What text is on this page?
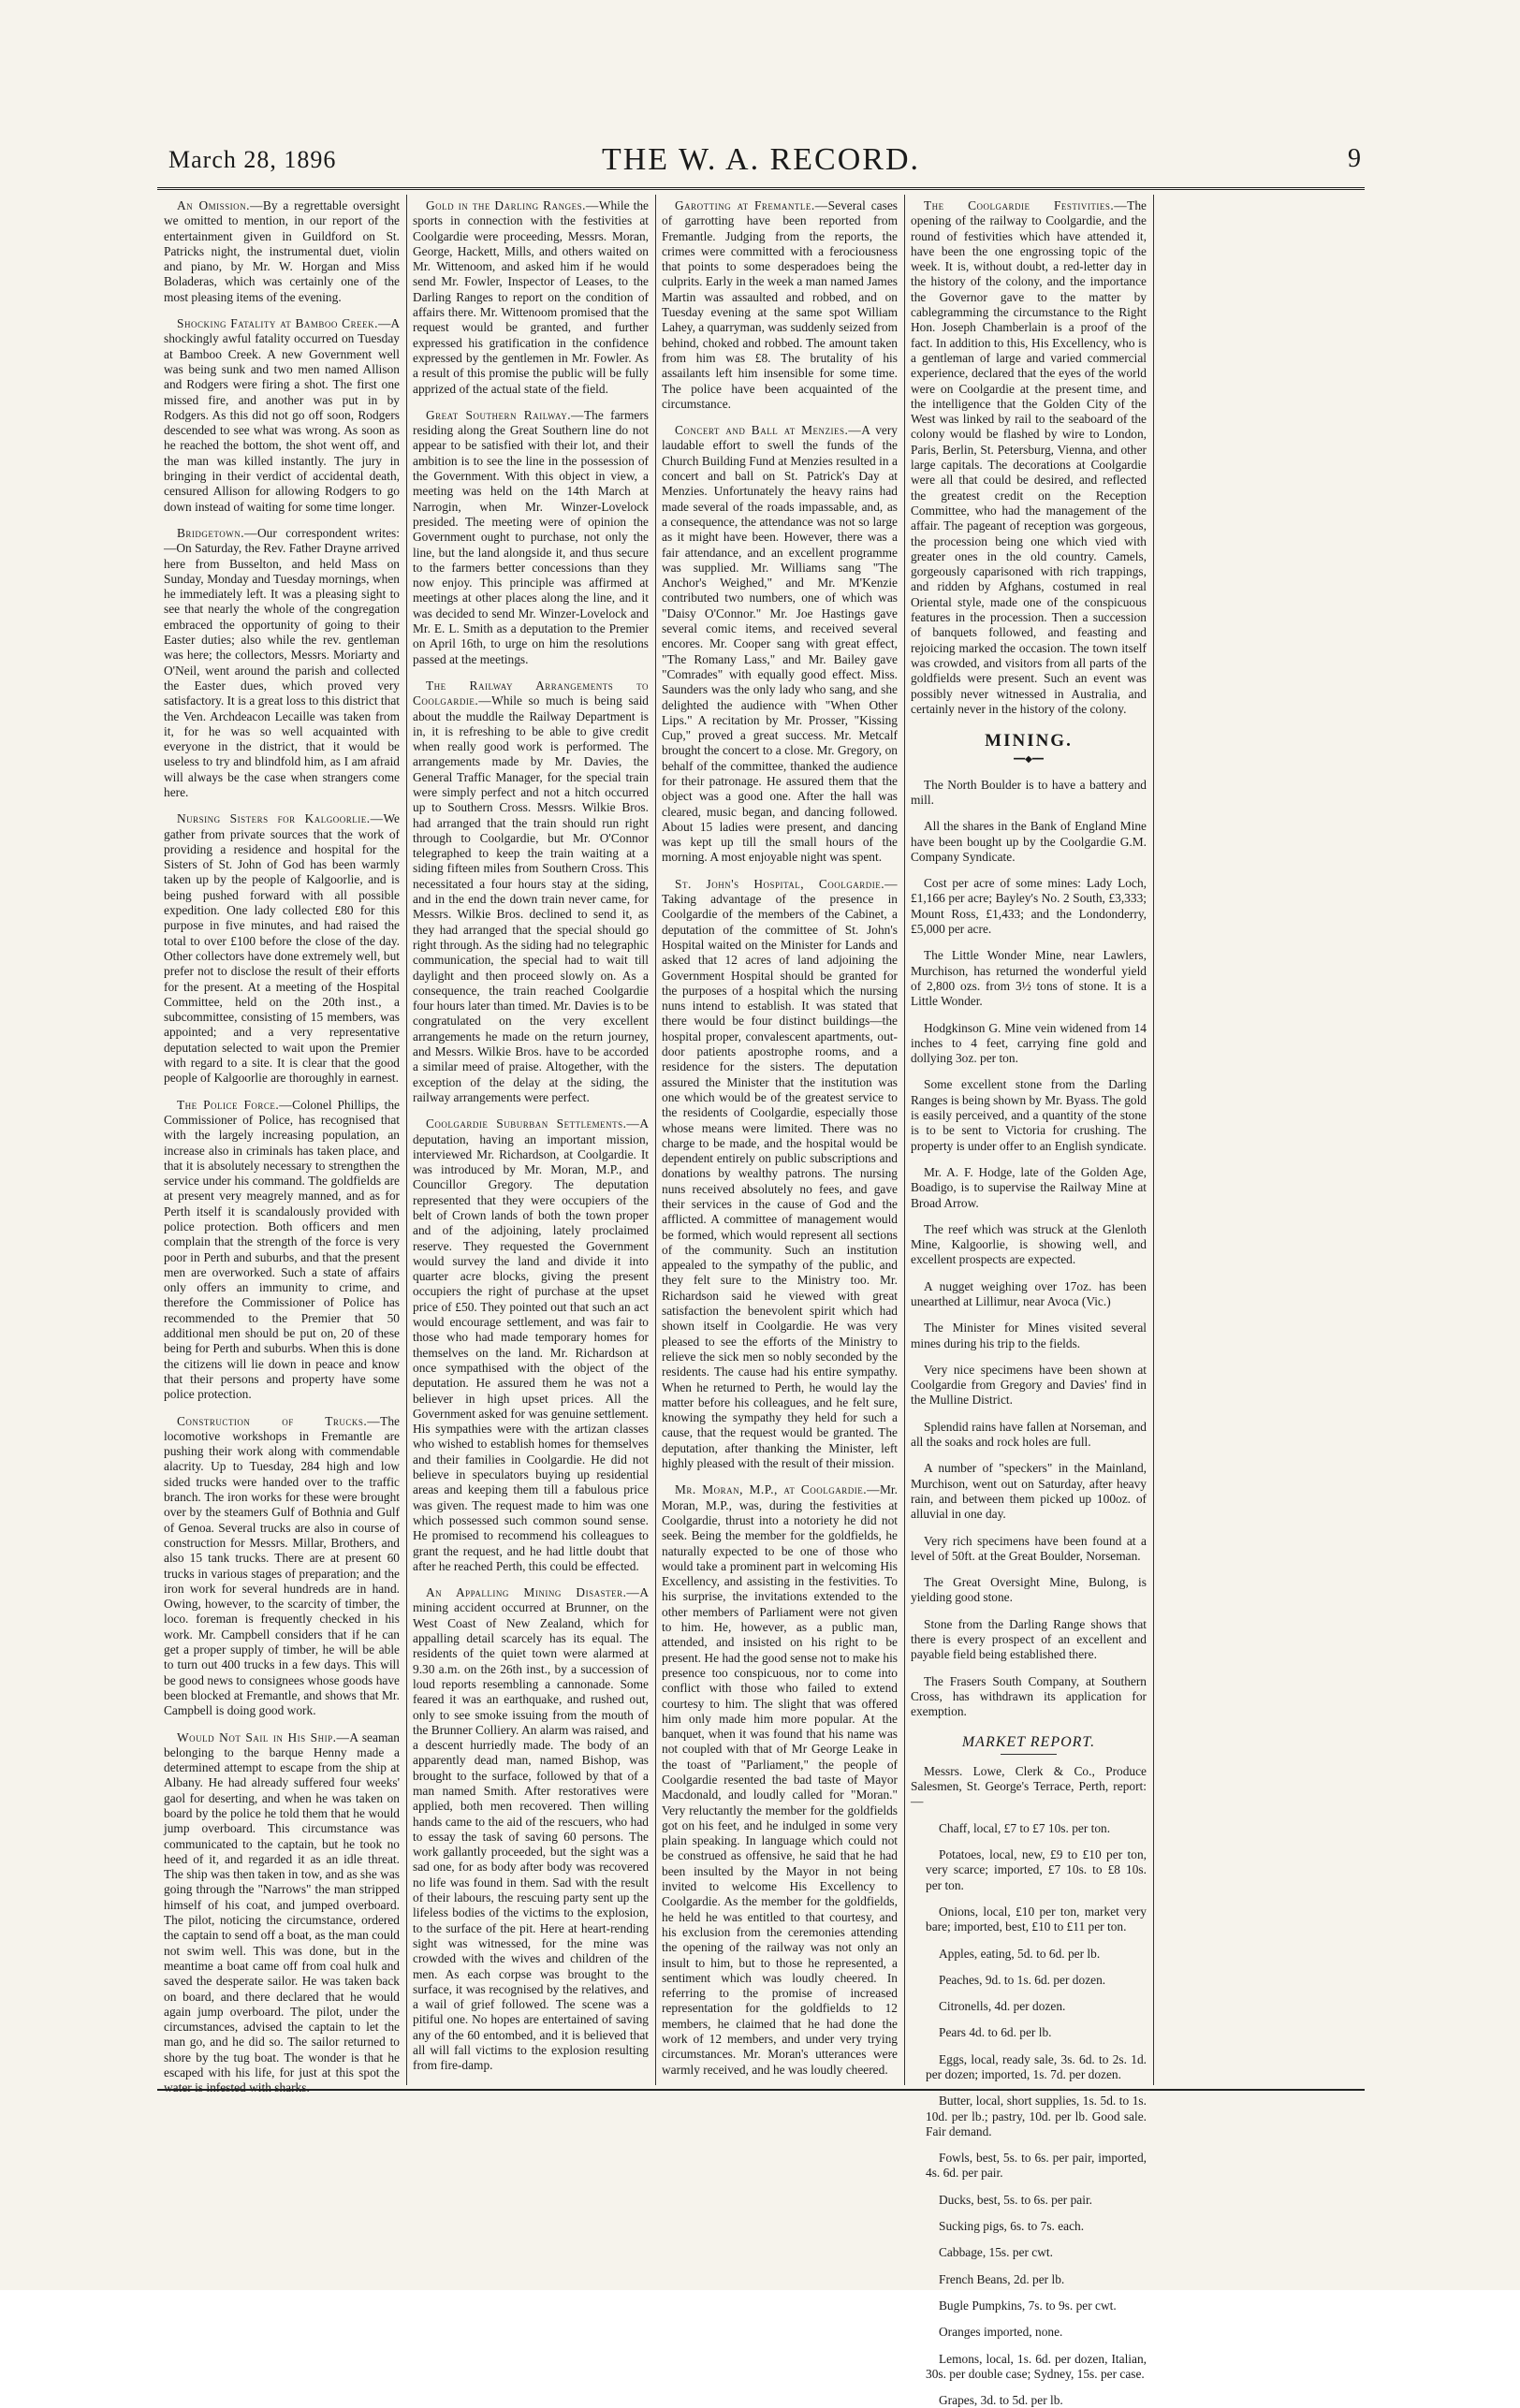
March 28, 1896	THE W. A. RECORD.	9

An Omission.—By a regrettable oversight we omitted to mention, in our report of the entertainment given in Guildford on St. Patricks night, the instrumental duet, violin and piano, by Mr. W. Horgan and Miss Boladeras, which was certainly one of the most pleasing items of the evening.

Shocking Fatality at Bamboo Creek.—A shockingly awful fatality occurred on Tuesday at Bamboo Creek. A new Government well was being sunk and two men named Allison and Rodgers were firing a shot. The first one missed fire, and another was put in by Rodgers. As this did not go off soon, Rodgers descended to see what was wrong. As soon as he reached the bottom, the shot went off, and the man was killed instantly. The jury in bringing in their verdict of accidental death, censured Allison for allowing Rodgers to go down instead of waiting for some time longer.

Bridgetown.—Our correspondent writes: —On Saturday, the Rev. Father Drayne arrived here from Busselton, and held Mass on Sunday, Monday and Tuesday mornings, when he immediately left. It was a pleasing sight to see that nearly the whole of the congregation embraced the opportunity of going to their Easter duties; also while the rev. gentleman was here; the collectors, Messrs. Moriarty and O'Neil, went around the parish and collected the Easter dues, which proved very satisfactory. It is a great loss to this district that the Ven. Archdeacon Lecaille was taken from it, for he was so well acquainted with everyone in the district, that it would be useless to try and blindfold him, as I am afraid will always be the case when strangers come here.

Nursing Sisters for Kalgoorlie.—We gather from private sources that the work of providing a residence and hospital for the Sisters of St. John of God has been warmly taken up by the people of Kalgoorlie, and is being pushed forward with all possible expedition. One lady collected £80 for this purpose in five minutes, and had raised the total to over £100 before the close of the day. Other collectors have done extremely well, but prefer not to disclose the result of their efforts for the present. At a meeting of the Hospital Committee, held on the 20th inst., a subcommittee, consisting of 15 members, was appointed; and a very representative deputation selected to wait upon the Premier with regard to a site. It is clear that the good people of Kalgoorlie are thoroughly in earnest.

The Police Force.—Colonel Phillips, the Commissioner of Police, has recognised that with the largely increasing population, an increase also in criminals has taken place, and that it is absolutely necessary to strengthen the service under his command. The goldfields are at present very meagrely manned, and as for Perth itself it is scandalously provided with police protection. Both officers and men complain that the strength of the force is very poor in Perth and suburbs, and that the present men are overworked. Such a state of affairs only offers an immunity to crime, and therefore the Commissioner of Police has recommended to the Premier that 50 additional men should be put on, 20 of these being for Perth and suburbs. When this is done the citizens will lie down in peace and know that their persons and property have some police protection.

Construction of Trucks.—The locomotive workshops in Fremantle are pushing their work along with commendable alacrity. Up to Tuesday, 284 high and low sided trucks were handed over to the traffic branch. The iron works for these were brought over by the steamers Gulf of Bothnia and Gulf of Genoa. Several trucks are also in course of construction for Messrs. Millar, Brothers, and also 15 tank trucks. There are at present 60 trucks in various stages of preparation; and the iron work for several hundreds are in hand. Owing, however, to the scarcity of timber, the loco. foreman is frequently checked in his work. Mr. Campbell considers that if he can get a proper supply of timber, he will be able to turn out 400 trucks in a few days. This will be good news to consignees whose goods have been blocked at Fremantle, and shows that Mr. Campbell is doing good work.

Would Not Sail in His Ship.—A seaman belonging to the barque Henny made a determined attempt to escape from the ship at Albany. He had already suffered four weeks' gaol for deserting, and when he was taken on board by the police he told them that he would jump overboard. This circumstance was communicated to the captain, but he took no heed of it, and regarded it as an idle threat. The ship was then taken in tow, and as she was going through the "Narrows" the man stripped himself of his coat, and jumped overboard. The pilot, noticing the circumstance, ordered the captain to send off a boat, as the man could not swim well. This was done, but in the meantime a boat came off from coal hulk and saved the desperate sailor. He was taken back on board, and there declared that he would again jump overboard. The pilot, under the circumstances, advised the captain to let the man go, and he did so. The sailor returned to shore by the tug boat. The wonder is that he escaped with his life, for just at this spot the water is infested with sharks.

Gold in the Darling Ranges.—While the sports in connection with the festivities at Coolgardie were proceeding, Messrs. Moran, George, Hackett, Mills, and others waited on Mr. Wittenoom, and asked him if he would send Mr. Fowler, Inspector of Leases, to the Darling Ranges to report on the condition of affairs there. Mr. Wittenoom promised that the request would be granted, and further expressed his gratification in the confidence expressed by the gentlemen in Mr. Fowler. As a result of this promise the public will be fully apprized of the actual state of the field.

Great Southern Railway.—The farmers residing along the Great Southern line do not appear to be satisfied with their lot, and their ambition is to see the line in the possession of the Government. With this object in view, a meeting was held on the 14th March at Narrogin, when Mr. Winzer-Lovelock presided. The meeting were of opinion the Government ought to purchase, not only the line, but the land alongside it, and thus secure to the farmers better concessions than they now enjoy. This principle was affirmed at meetings at other places along the line, and it was decided to send Mr. Winzer-Lovelock and Mr. E. L. Smith as a deputation to the Premier on April 16th, to urge on him the resolutions passed at the meetings.

The Railway Arrangements to Coolgardie.—While so much is being said about the muddle the Railway Department is in, it is refreshing to be able to give credit when really good work is performed. The arrangements made by Mr. Davies, the General Traffic Manager, for the special train were simply perfect and not a hitch occurred up to Southern Cross. Messrs. Wilkie Bros. had arranged that the train should run right through to Coolgardie, but Mr. O'Connor telegraphed to keep the train waiting at a siding fifteen miles from Southern Cross. This necessitated a four hours stay at the siding, and in the end the down train never came, for Messrs. Wilkie Bros. declined to send it, as they had arranged that the special should go right through. As the siding had no telegraphic communication, the special had to wait till daylight and then proceed slowly on. As a consequence, the train reached Coolgardie four hours later than timed. Mr. Davies is to be congratulated on the very excellent arrangements he made on the return journey, and Messrs. Wilkie Bros. have to be accorded a similar meed of praise. Altogether, with the exception of the delay at the siding, the railway arrangements were perfect.

Coolgardie Suburban Settlements.—A deputation, having an important mission, interviewed Mr. Richardson, at Coolgardie. It was introduced by Mr. Moran, M.P., and Councillor Gregory. The deputation represented that they were occupiers of the belt of Crown lands of both the town proper and of the adjoining, lately proclaimed reserve. They requested the Government would survey the land and divide it into quarter acre blocks, giving the present occupiers the right of purchase at the upset price of £50. They pointed out that such an act would encourage settlement, and was fair to those who had made temporary homes for themselves on the land. Mr. Richardson at once sympathised with the object of the deputation. He assured them he was not a believer in high upset prices. All the Government asked for was genuine settlement. His sympathies were with the artizan classes who wished to establish homes for themselves and their families in Coolgardie. He did not believe in speculators buying up residential areas and keeping them till a fabulous price was given. The request made to him was one which possessed such common sound sense. He promised to recommend his colleagues to grant the request, and he had little doubt that after he reached Perth, this could be effected.

An Appalling Mining Disaster.—A mining accident occurred at Brunner, on the West Coast of New Zealand, which for appalling detail scarcely has its equal. The residents of the quiet town were alarmed at 9.30 a.m. on the 26th inst., by a succession of loud reports resembling a cannonade. Some feared it was an earthquake, and rushed out, only to see smoke issuing from the mouth of the Brunner Colliery. An alarm was raised, and a descent hurriedly made. The body of an apparently dead man, named Bishop, was brought to the surface, followed by that of a man named Smith. After restoratives were applied, both men recovered. Then willing hands came to the aid of the rescuers, who had to essay the task of saving 60 persons. The work gallantly proceeded, but the sight was a sad one, for as body after body was recovered no life was found in them. Sad with the result of their labours, the rescuing party sent up the lifeless bodies of the victims to the explosion, to the surface of the pit. Here at heart-rending sight was witnessed, for the mine was crowded with the wives and children of the men. As each corpse was brought to the surface, it was recognised by the relatives, and a wail of grief followed. The scene was a pitiful one. No hopes are entertained of saving any of the 60 entombed, and it is believed that all will fall victims to the explosion resulting from fire-damp.

Garotting at Fremantle.—Several cases of garrotting have been reported from Fremantle. Judging from the reports, the crimes were committed with a ferociousness that points to some desperadoes being the culprits. Early in the week a man named James Martin was assaulted and robbed, and on Tuesday evening at the same spot William Lahey, a quarryman, was suddenly seized from behind, choked and robbed. The amount taken from him was £8. The brutality of his assailants left him insensible for some time. The police have been acquainted of the circumstance.

Concert and Ball at Menzies.—A very laudable effort to swell the funds of the Church Building Fund at Menzies resulted in a concert and ball on St. Patrick's Day at Menzies. Unfortunately the heavy rains had made several of the roads impassable, and, as a consequence, the attendance was not so large as it might have been. However, there was a fair attendance, and an excellent programme was supplied. Mr. Williams sang "The Anchor's Weighed," and Mr. M'Kenzie contributed two numbers, one of which was "Daisy O'Connor." Mr. Joe Hastings gave several comic items, and received several encores. Mr. Cooper sang with great effect, "The Romany Lass," and Mr. Bailey gave "Comrades" with equally good effect. Miss. Saunders was the only lady who sang, and she delighted the audience with "When Other Lips." A recitation by Mr. Prosser, "Kissing Cup," proved a great success. Mr. Metcalf brought the concert to a close. Mr. Gregory, on behalf of the committee, thanked the audience for their patronage. He assured them that the object was a good one. After the hall was cleared, music began, and dancing followed. About 15 ladies were present, and dancing was kept up till the small hours of the morning. A most enjoyable night was spent.

St. John's Hospital, Coolgardie.—Taking advantage of the presence in Coolgardie of the members of the Cabinet, a deputation of the committee of St. John's Hospital waited on the Minister for Lands and asked that 12 acres of land adjoining the Government Hospital should be granted for the purposes of a hospital which the nursing nuns intend to establish. It was stated that there would be four distinct buildings—the hospital proper, convalescent apartments, out-door patients apostrophe rooms, and a residence for the sisters. The deputation assured the Minister that the institution was one which would be of the greatest service to the residents of Coolgardie, especially those whose means were limited. There was no charge to be made, and the hospital would be dependent entirely on public subscriptions and donations by wealthy patrons. The nursing nuns received absolutely no fees, and gave their services in the cause of God and the afflicted. A committee of management would be formed, which would represent all sections of the community. Such an institution appealed to the sympathy of the public, and they felt sure to the Ministry too. Mr. Richardson said he viewed with great satisfaction the benevolent spirit which had shown itself in Coolgardie. He was very pleased to see the efforts of the Ministry to relieve the sick men so nobly seconded by the residents. The cause had his entire sympathy. When he returned to Perth, he would lay the matter before his colleagues, and he felt sure, knowing the sympathy they held for such a cause, that the request would be granted. The deputation, after thanking the Minister, left highly pleased with the result of their mission.

Mr. Moran, M.P., at Coolgardie.—Mr. Moran, M.P., was, during the festivities at Coolgardie, thrust into a notoriety he did not seek. Being the member for the goldfields, he naturally expected to be one of those who would take a prominent part in welcoming His Excellency, and assisting in the festivities. To his surprise, the invitations extended to the other members of Parliament were not given to him. He, however, as a public man, attended, and insisted on his right to be present. He had the good sense not to make his presence too conspicuous, nor to come into conflict with those who failed to extend courtesy to him. The slight that was offered him only made him more popular. At the banquet, when it was found that his name was not coupled with that of Mr George Leake in the toast of "Parliament," the people of Coolgardie resented the bad taste of Mayor Macdonald, and loudly called for "Moran." Very reluctantly the member for the goldfields got on his feet, and he indulged in some very plain speaking. In language which could not be construed as offensive, he said that he had been insulted by the Mayor in not being invited to welcome His Excellency to Coolgardie. As the member for the goldfields, he held he was entitled to that courtesy, and his exclusion from the ceremonies attending the opening of the railway was not only an insult to him, but to those he represented, a sentiment which was loudly cheered. In referring to the promise of increased representation for the goldfields to 12 members, he claimed that he had done the work of 12 members, and under very trying circumstances. Mr. Moran's utterances were warmly received, and he was loudly cheered.

The Coolgardie Festivities.—The opening of the railway to Coolgardie, and the round of festivities which have attended it, have been the one engrossing topic of the week. It is, without doubt, a red-letter day in the history of the colony, and the importance the Governor gave to the matter by cablegramming the circumstance to the Right Hon. Joseph Chamberlain is a proof of the fact. In addition to this, His Excellency, who is a gentleman of large and varied commercial experience, declared that the eyes of the world were on Coolgardie at the present time, and the intelligence that the Golden City of the West was linked by rail to the seaboard of the colony would be flashed by wire to London, Paris, Berlin, St. Petersburg, Vienna, and other large capitals. The decorations at Coolgardie were all that could be desired, and reflected the greatest credit on the Reception Committee, who had the management of the affair. The pageant of reception was gorgeous, the procession being one which vied with greater ones in the old country. Camels, gorgeously caparisoned with rich trappings, and ridden by Afghans, costumed in real Oriental style, made one of the conspicuous features in the procession. Then a succession of banquets followed, and feasting and rejoicing marked the occasion. The town itself was crowded, and visitors from all parts of the goldfields were present. Such an event was possibly never witnessed in Australia, and certainly never in the history of the colony.

MINING.
━━◆━━

The North Boulder is to have a battery and mill.

All the shares in the Bank of England Mine have been bought up by the Coolgardie G.M. Company Syndicate.

Cost per acre of some mines: Lady Loch, £1,166 per acre; Bayley's No. 2 South, £3,333; Mount Ross, £1,433; and the Londonderry, £5,000 per acre.

The Little Wonder Mine, near Lawlers, Murchison, has returned the wonderful yield of 2,800 ozs. from 3½ tons of stone. It is a Little Wonder.

Hodgkinson G. Mine vein widened from 14 inches to 4 feet, carrying fine gold and dollying 3oz. per ton.

Some excellent stone from the Darling Ranges is being shown by Mr. Byass. The gold is easily perceived, and a quantity of the stone is to be sent to Victoria for crushing. The property is under offer to an English syndicate.

Mr. A. F. Hodge, late of the Golden Age, Boadigo, is to supervise the Railway Mine at Broad Arrow.

The reef which was struck at the Glenloth Mine, Kalgoorlie, is showing well, and excellent prospects are expected.

A nugget weighing over 17oz. has been unearthed at Lillimur, near Avoca (Vic.)

The Minister for Mines visited several mines during his trip to the fields.

Very nice specimens have been shown at Coolgardie from Gregory and Davies' find in the Mulline District.

Splendid rains have fallen at Norseman, and all the soaks and rock holes are full.

A number of "speckers" in the Mainland, Murchison, went out on Saturday, after heavy rain, and between them picked up 100oz. of alluvial in one day.

Very rich specimens have been found at a level of 50ft. at the Great Boulder, Norseman.

The Great Oversight Mine, Bulong, is yielding good stone.

Stone from the Darling Range shows that there is every prospect of an excellent and payable field being established there.

The Frasers South Company, at Southern Cross, has withdrawn its application for exemption.

MARKET REPORT.

Messrs. Lowe, Clerk & Co., Produce Salesmen, St. George's Terrace, Perth, report:—

Chaff, local, £7 to £7 10s. per ton.

Potatoes, local, new, £9 to £10 per ton, very scarce; imported, £7 10s. to £8 10s. per ton.

Onions, local, £10 per ton, market very bare; imported, best, £10 to £11 per ton.

Apples, eating, 5d. to 6d. per lb.

Peaches, 9d. to 1s. 6d. per dozen.

Citronells, 4d. per dozen.

Pears 4d. to 6d. per lb.

Eggs, local, ready sale, 3s. 6d. to 2s. 1d. per dozen; imported, 1s. 7d. per dozen.

Butter, local, short supplies, 1s. 5d. to 1s. 10d. per lb.; pastry, 10d. per lb. Good sale. Fair demand.

Fowls, best, 5s. to 6s. per pair, imported, 4s. 6d. per pair.

Ducks, best, 5s. to 6s. per pair.

Sucking pigs, 6s. to 7s. each.

Cabbage, 15s. per cwt.

French Beans, 2d. per lb.

Bugle Pumpkins, 7s. to 9s. per cwt.

Oranges imported, none.

Lemons, local, 1s. 6d. per dozen, Italian, 30s. per double case; Sydney, 15s. per case.

Grapes, 3d. to 5d. per lb.
